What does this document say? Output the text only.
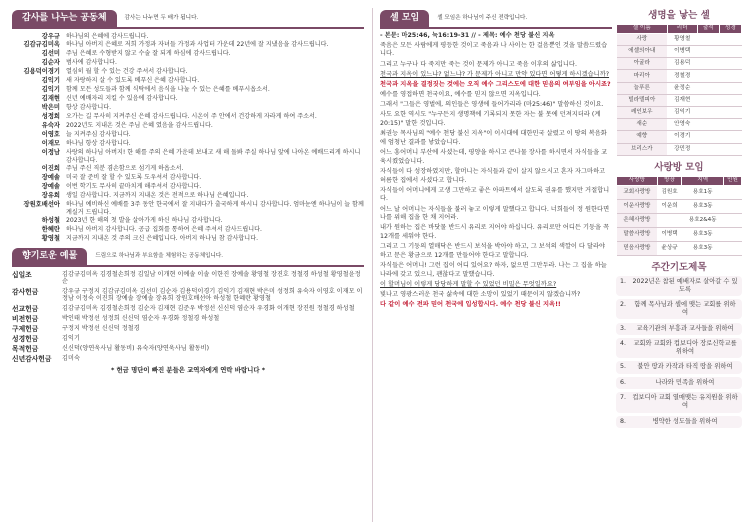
감사를 나누는 공동체	감사는 나누면 두 배가 됩니다.
강우규 하나님의 은혜에 감사드립니다.
김감규김미옥 하나님 아버지 은혜로 저희 가정과 자녀들 가정과 사업터 가운데 22년에 잘 지냈음을 감사드립니다.
김선미 주님 은혜로 수형받지 않고 수술 잘 되게 하심에 감사드립니다.
김순자 범사에 감사합니다.
김용덕이경기 열심히 월 할 수 있는 건강 주셔서 감사합니다.
김익기 새 자랑하지 살 수 있도록 베푸신 은혜 감사합니다.
김익기 함께 모든 성도들과 함께 식탁에서 음식을 나눌 수 있는 은혜를 베푸시옵소서.
김재현 신년 예배자리 지킬 수 있음에 감사합니다.
박은미 항상 감사합니다.
성정희 오가는 길 무사히 지켜주신 은혜 감사드립니다. 시온이 주 안에서 건강하게 자라게 하여 주소서.
유숙자 2022년도 지내온 것은 주님 은혜 였음을 감사드립니다.
이영호 늘 지켜주심 감사합니다.
이재모 하나님 항상 감사합니다.
이정남 사랑의 하나님 아버지! 한 해를 주의 은혜 가운데 보내고 새 해 돌봐 주실 하나님 앞에 나아온 예배드리게 하시니 감사합니다.
이진희 주님 주신 직분 겸손함으로 섬기게 하옵소서.
장예솔 미국 잘 준비 잘 할 수 있도록 도우셔서 감사합니다.
장예솔 이번 학기도 무사히 끝마치게 해주셔서 감사합니다.
장유희 생일 감사합니다. 지금까지 지내온 것은 전적으로 하나님 은혜입니다.
장원호배선아 하나님 예비하신 예배를 3주 동안 한국에서 잘 지내다가 출국하게 하시니 감사합니다. 엄마눈엔 하나님이 늘 함께 계실거 드립니다.
하성철 2023년 한 해의 첫 발을 살아가게 하신 하나님 감사합니다.
한혜란 하나님 아버지 감사합니다. 공급 집회를 통하여 은혜 주셔서 감사드립니다.
황영철 지금까지 지내온 것 주의 크신 은혜입니다. 아버지 하나님 참 감사합니다.
향기로운 예물	드림으로 하나님과 부요함을 체험하는 공동체입니다.
십일조	김감규김미옥 김경철손희정 김일남 이개현 이예솔 이솔 이한진 장예솔 황영철 장진호 정철경 하성철 황영철윤정순
감사헌금	강우규 구정지 김감규김미옥 김선미 김순자 김용덕이경기 김익기 김재현 박은미 성정희 유숙자 이영호 이재모 이정남 이정숙 이진희 장예솔 장예솔 장유희 장원호배선아 하성철 한혜란 황영철
선교헌금	김감규김미옥 김경철손희정 김순자 김재현 김준우 박정선 신신덕 염순자 우경화 이개현 장진원 정철경 하성철
비전헌금	박인태 박정선 성정희 신신덕 염순자 우경화 정철경 하성철
구제헌금	구정지 박정선 신신덕 정철경
성경헌금	김익기
목적헌금	신신덕(양연욱사님 활동비) 유숙자(양연욱사님 활동비)
신년감사헌금	김미숙
* 헌금 명단이 빠진 분들은 교역자에게 연락 바랍니다 *
셀 모임	셀 모임은 하나님이 주신 전략입니다.

- 본문: 마25:46, 눅16:19-31 // - 제목: 예수 천당 불신 지옥

죽음은 모든 사람에게 평등한 것이고 죽음과 나 사이는 한 걸음뿐인 것을 말씀드렸습니다.

그리고 누구나 다 죽지만 죽는 것이 문제가 아니고 죽음 이후의 삶입니다.

천국과 지옥이 있느냐? 없느냐? 가 문제가 아니고 만약 있다면 어떻게 하시겠습니까?

천국과 지옥을 결정짓는 것에는 오직 예수 그리스도에 대한 믿음의 여부임을 아시죠?

예수를 영접하면 천국이요, 예수를 믿지 않으면 지옥입니다.

그래서 "그들은 영벌에, 의인들은 영생에 들어가리라 (마25:46)" 말씀하신 것이요.

사도 요한 역시도 "누구든지 생명책에 기록되지 못한 자는 불 못에 던져지더라 (계20:15)" 말한 것입니다.

최권능 목사님의 "예수 천당 불신 지옥"이 이시대에 대한민국 살렸고 이 땅의 복음화에 엄청난 결과를 낳았습니다.

어느 흥어머니 부산에 사셨는데, 평양을 하시고 큰나물 장사를 하시면서 자식들을 교육시켰었습니다.

자식들이 다 성장하였지만, 할머니는 자식들과 같이 살지 않으시고 혼자 자그마하고 허름한 집에서 사셨다고 합니다.

자식들이 어머니에게 고생 그만하고 좋은 아파트에서 살도록 권유를 했지만 거절합니다.

어느 날 어머니는 자식들을 불러 놓고 이렇게 말했다고 합니다. 너희들이 정 원한다면 나를 위해 집을 한 채 지어라.

내가 원하는 집은 바닷물 반드시 유리로 지어야 하십니다. 유리로만 어디든 기둥을 꼭 12개를 세워야 한다.

그리고 그 기둥의 열매닥은 반드시 보석을 박아야 하고, 그 보석의 색깔이 다 달라야 하고 문은 황금으로 12개를 만들어야 한다고 말합니다.

자식들은 어머니! 그런 집이 어디 있어요? 하자, 없으면 그만두라. 나는 그 집을 하늘나라에 갖고 있으니, 괜찮다고 말했습니다.

이 할머님이 이렇게 당당하게 말할 수 있었던 비밀은 무엇일까요?

빛나고 영광스러운 천국 삶속에 대한 소망이 있었기 때문이지 않겠습니까?

다 같이 예수 전파 믿어 천국에 입성합시다. 예수 천당 불신 지옥!!

생명을 낳는 셀
셀 이름	리더	출석	성경
사랑	황영철		
에셀의아내	이병택		
아굴라	김용덕		
마리아	정철경		
늘푸른	윤정순		
빌라델피아	김재현		
레인보우	김익기		
새순	안영숙		
예향	이경기		
브리스가	강민정		
사랑방 모임
사랑방	방장	지역	인원
교회사랑방	김원호	용호1동	
이운사랑방	이운희	용호3동	
은혜사랑방		용호2&4동	
말씀사랑방	이병택	용호3동	
믿음사랑방	윤상규	용호3동	
주간기도제목
1.	2022년은 참된 예배자로 살아갈 수 있도록
2.	함께 목사님과 셀에 맺는 교회를 위하여
3.	교육기관의 부흥과 교사들을 위하여
4.	교회와 교회와 컵보디아 장로신학교를 위하여
5.	불안 땅과 카작과 타직 땅을 위하여
6.	나라와 민족을 위하여
7.	컵보디아 교회 열매맺는 유지원을 위하여
8.	병약한 성도들을 위하여
